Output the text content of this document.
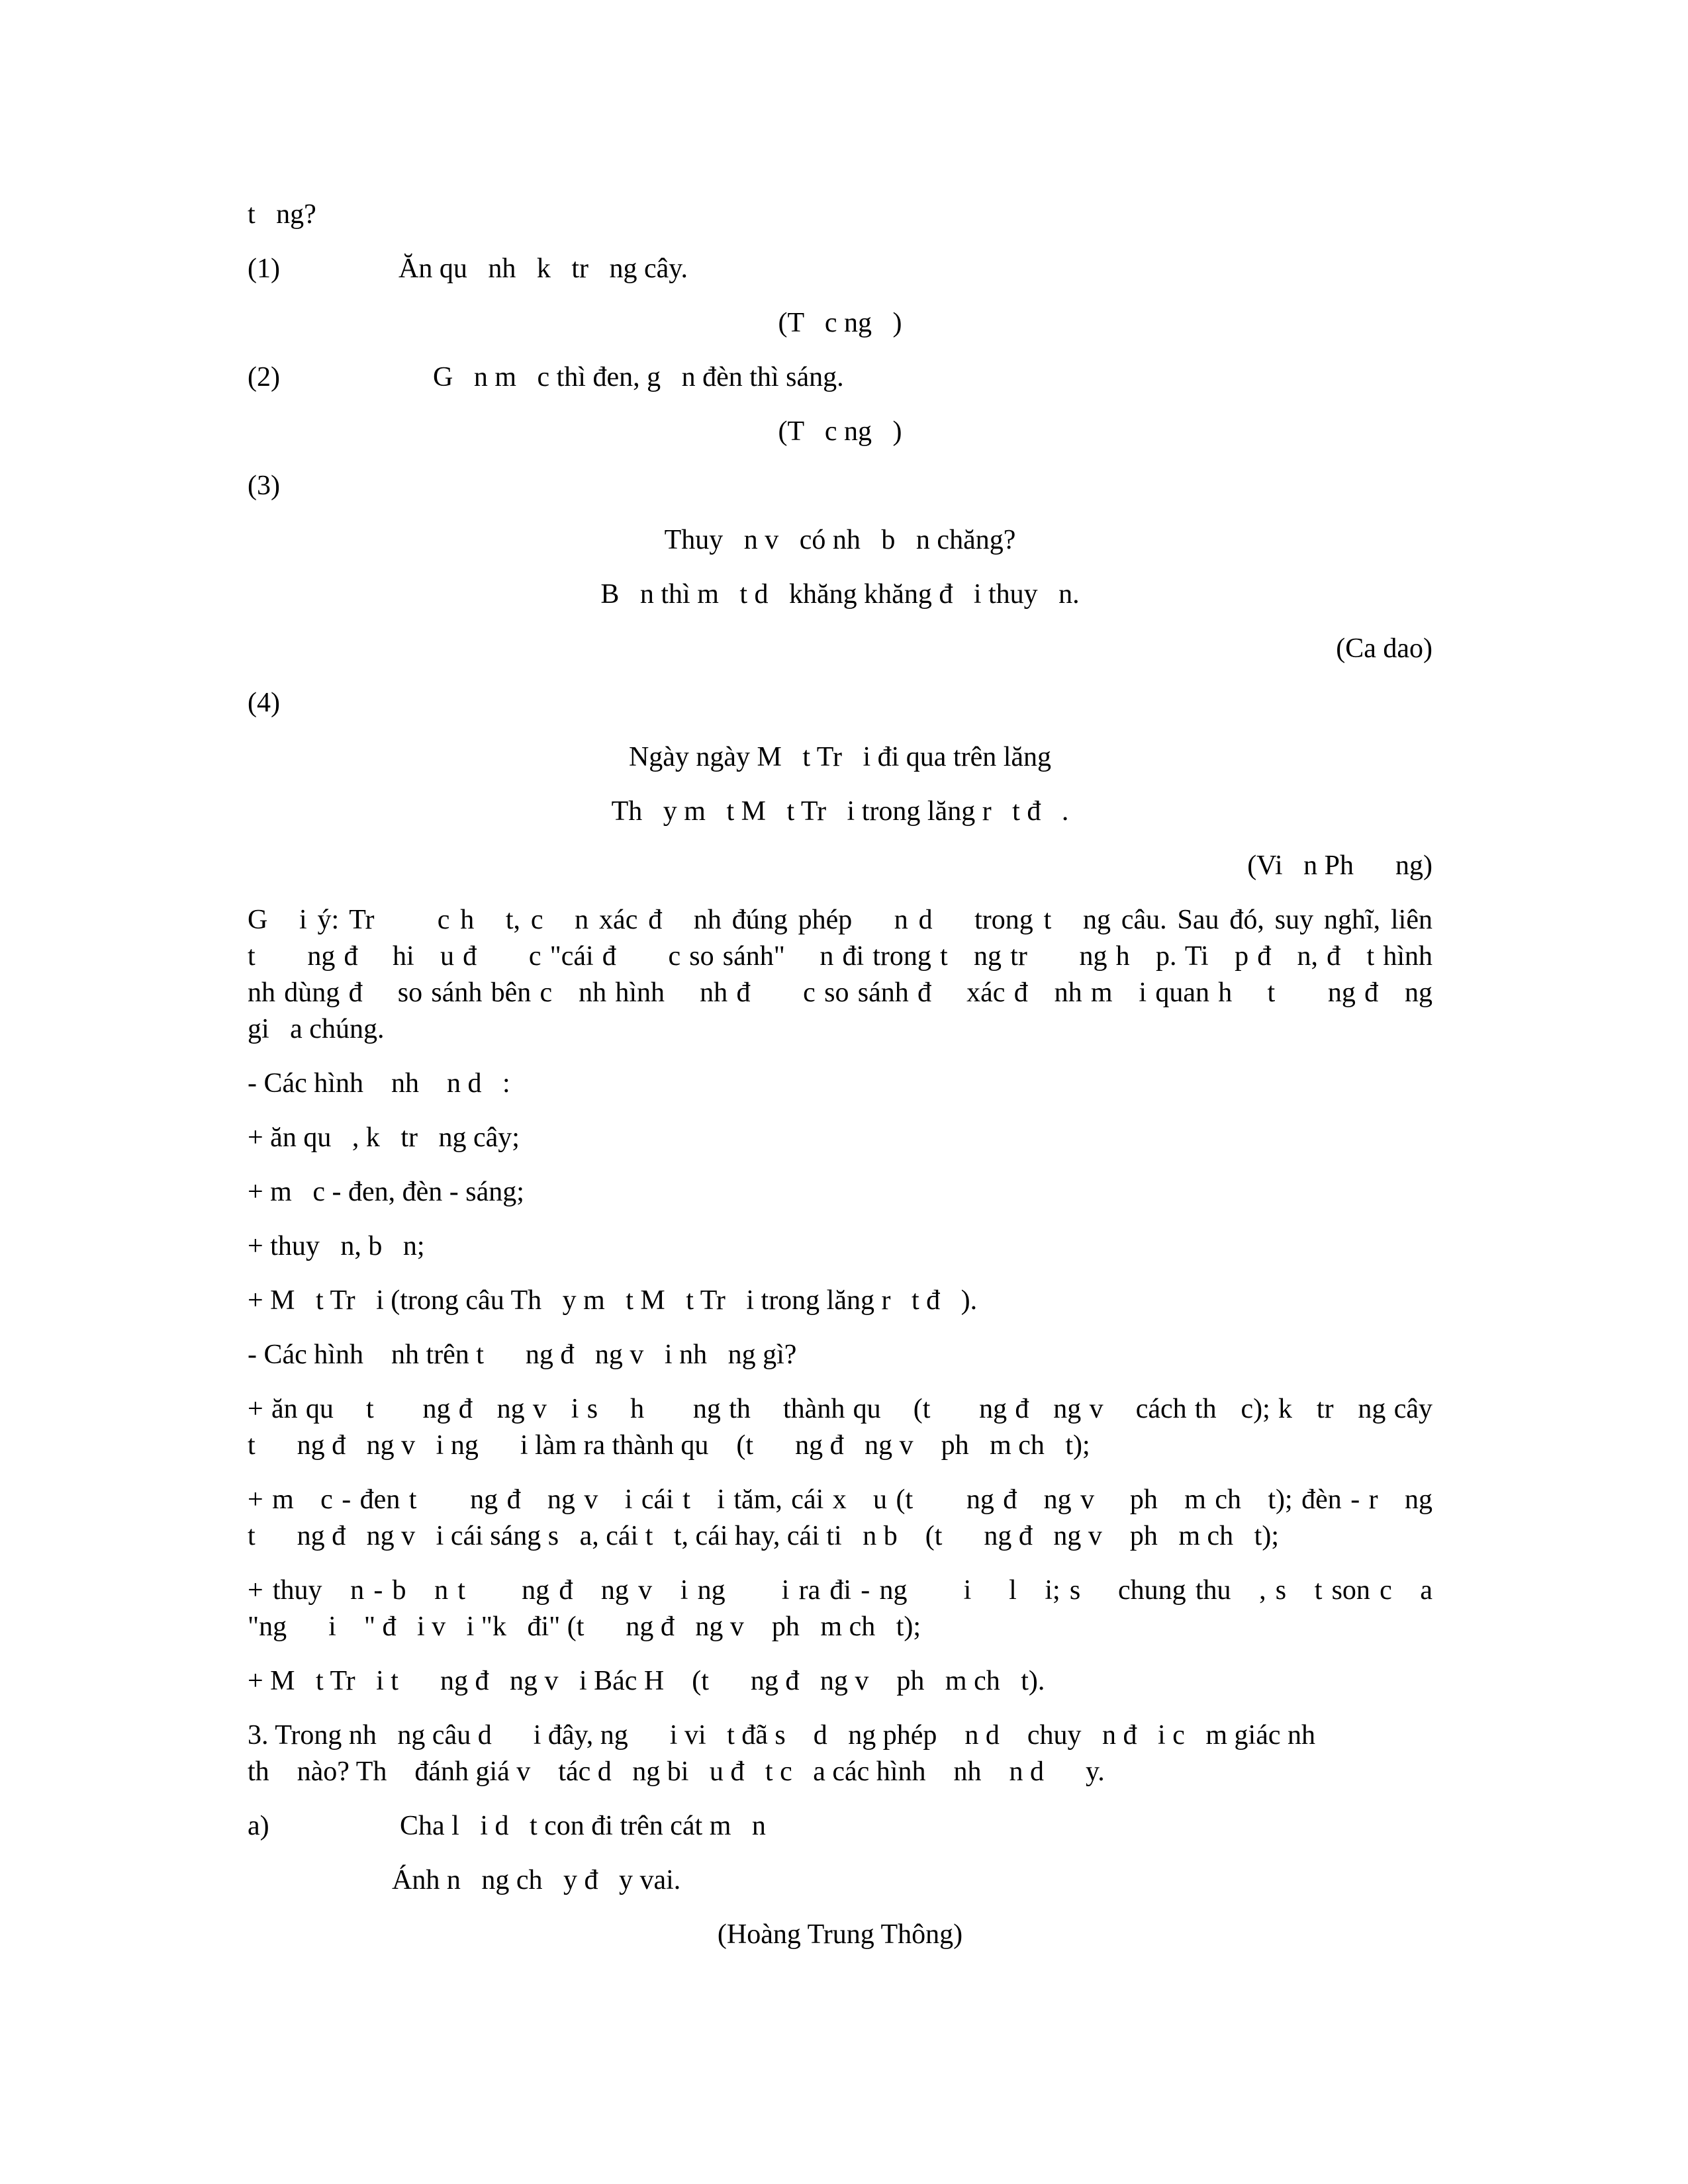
t   ng?
(1)	Ăn qu   nh   k   tr   ng cây.
(T   c ng   )
(2)	G   n m   c thì đen, g   n đèn thì sáng.
(T   c ng   )
(3)
Thuy   n v   có nh   b   n chăng?
B   n thì m   t d   khăng khăng đ   i thuy   n.
(Ca dao)
(4)
Ngày ngày M   t Tr   i đi qua trên lăng
Th   y m   t M   t Tr   i trong lăng r   t đ   .
(Vi   n Ph      ng)
G   i ý: Tr      c h   t, c   n xác đ   nh đúng phép    n d    trong t   ng câu. Sau đó, suy nghĩ, liên
t      ng đ    hi   u đ      c "cái đ      c so sánh"    n đi trong t   ng tr      ng h   p. Ti   p đ   n, đ   t hình
nh dùng đ    so sánh bên c   nh hình    nh đ      c so sánh đ    xác đ   nh m   i quan h    t      ng đ   ng
gi   a chúng.
- Các hình    nh    n d   :
+ ăn qu   , k   tr   ng cây;
+ m   c - đen, đèn - sáng;
+ thuy   n, b   n;
+ M   t Tr   i (trong câu Th   y m   t M   t Tr   i trong lăng r   t đ   ).
- Các hình    nh trên t      ng đ   ng v   i nh   ng gì?
+ ăn qu    t      ng đ   ng v   i s    h      ng th    thành qu    (t      ng đ   ng v    cách th   c); k   tr   ng cây
t      ng đ   ng v   i ng      i làm ra thành qu    (t      ng đ   ng v    ph   m ch   t);
+ m   c - đen t      ng đ   ng v   i cái t   i tăm, cái x   u (t      ng đ   ng v    ph   m ch   t); đèn - r   ng
t      ng đ   ng v   i cái sáng s   a, cái t   t, cái hay, cái ti   n b    (t      ng đ   ng v    ph   m ch   t);
+ thuy   n - b   n t      ng đ   ng v   i ng      i ra đi - ng      i    l   i; s    chung thu   , s   t son c   a
"ng      i    " đ   i v   i "k   đi" (t      ng đ   ng v    ph   m ch   t);
+ M   t Tr   i t      ng đ   ng v   i Bác H    (t      ng đ   ng v    ph   m ch   t).
3. Trong nh   ng câu d      i đây, ng      i vi   t đã s    d   ng phép    n d    chuy   n đ   i c   m giác nh
th    nào? Th    đánh giá v    tác d   ng bi   u đ   t c   a các hình    nh    n d      y.
a)	Cha l   i d   t con đi trên cát m   n
Ánh n   ng ch   y đ   y vai.
(Hoàng Trung Thông)
